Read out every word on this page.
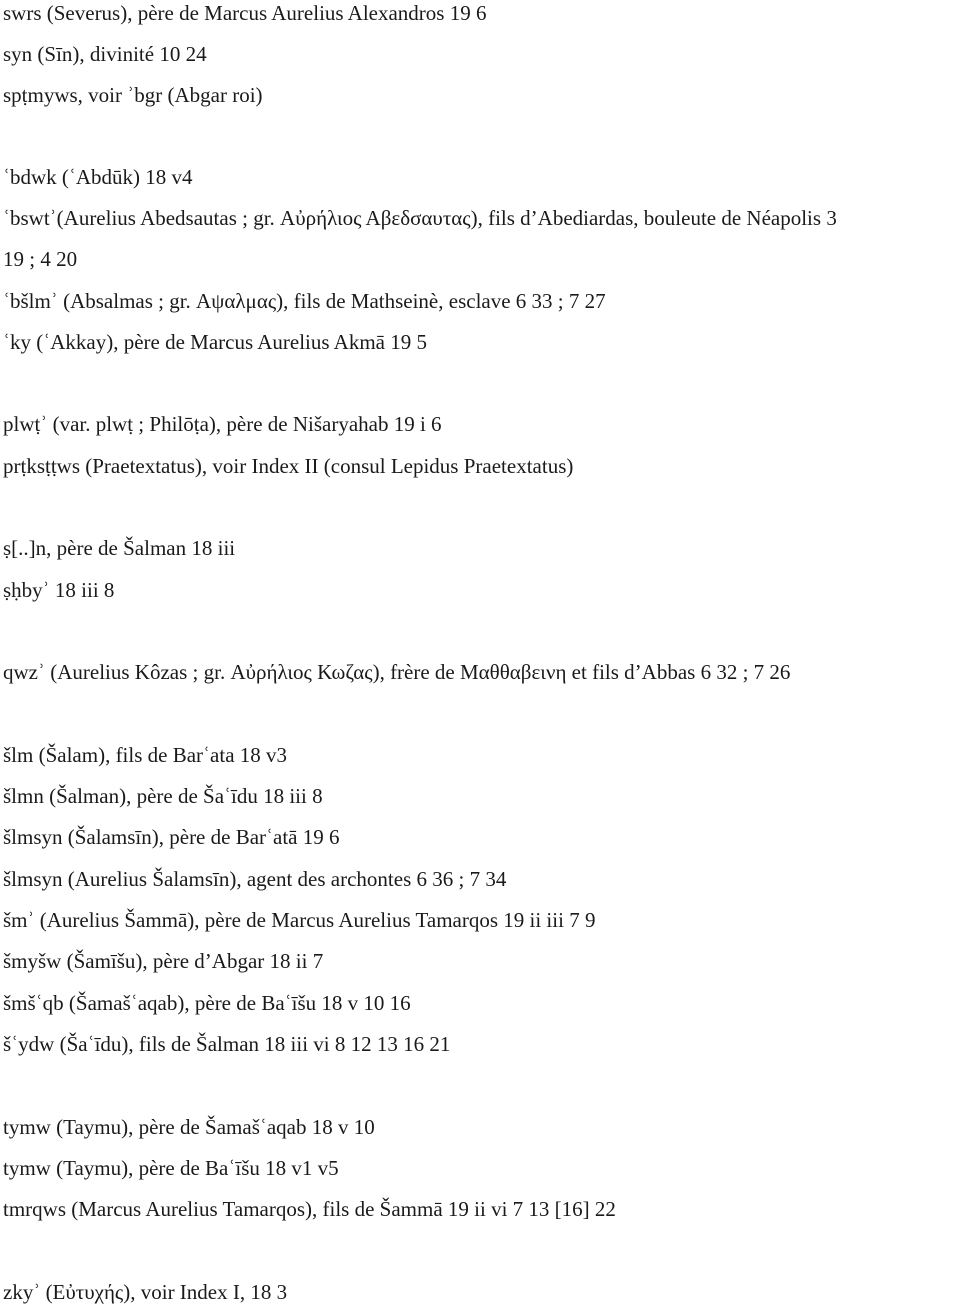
swrs (Severus), père de Marcus Aurelius Alexandros 19 6
syn (Sīn), divinité 10 24
spṭmyws, voir ʾbgr (Abgar roi)
ʿbdwk (ʿAbdūk) 18 v4
ʿbswtʾ(Aurelius Abedsautas ; gr. Αὐρήλιος Αβεδσαυτας), fils d’Abediardas, bouleute de Néapolis 3
19 ; 4 20
ʿbšlmʾ (Absalmas ; gr. Αψαλμας), fils de Mathseinè, esclave 6 33 ; 7 27
ʿky (ʿAkkay), père de Marcus Aurelius Akmā 19 5
plwṭʾ (var. plwṭ ; Philōṭa), père de Nišaryahab 19 i 6
prṭksṭṭws (Praetextatus), voir Index II (consul Lepidus Praetextatus)
ṣ[..]n, père de Šalman 18 iii
ṣḥbyʾ 18 iii 8
qwzʾ (Aurelius Kôzas ; gr. Αὐρήλιος Κωζας), frère de Μαθθαβεινη et fils d’Abbas 6 32 ; 7 26
šlm (Šalam), fils de Barʿata 18 v3
šlmn (Šalman), père de Šaʿīdu 18 iii 8
šlmsyn (Šalamsīn), père de Barʿatā 19 6
šlmsyn (Aurelius Šalamsīn), agent des archontes 6 36 ; 7 34
šmʾ (Aurelius Šammā), père de Marcus Aurelius Tamarqos 19 ii iii 7 9
šmyšw (Šamīšu), père d’Abgar 18 ii 7
šmšʿqb (Šamašʿaqab), père de Baʿīšu 18 v 10 16
šʿydw (Šaʿīdu), fils de Šalman 18 iii vi 8 12 13 16 21
tymw (Taymu), père de Šamašʿaqab 18 v 10
tymw (Taymu), père de Baʿīšu 18 v1 v5
tmrqws (Marcus Aurelius Tamarqos), fils de Šammā 19 ii vi 7 13 [16] 22
zkyʾ (Εὐτυχής), voir Index I, 18 3
